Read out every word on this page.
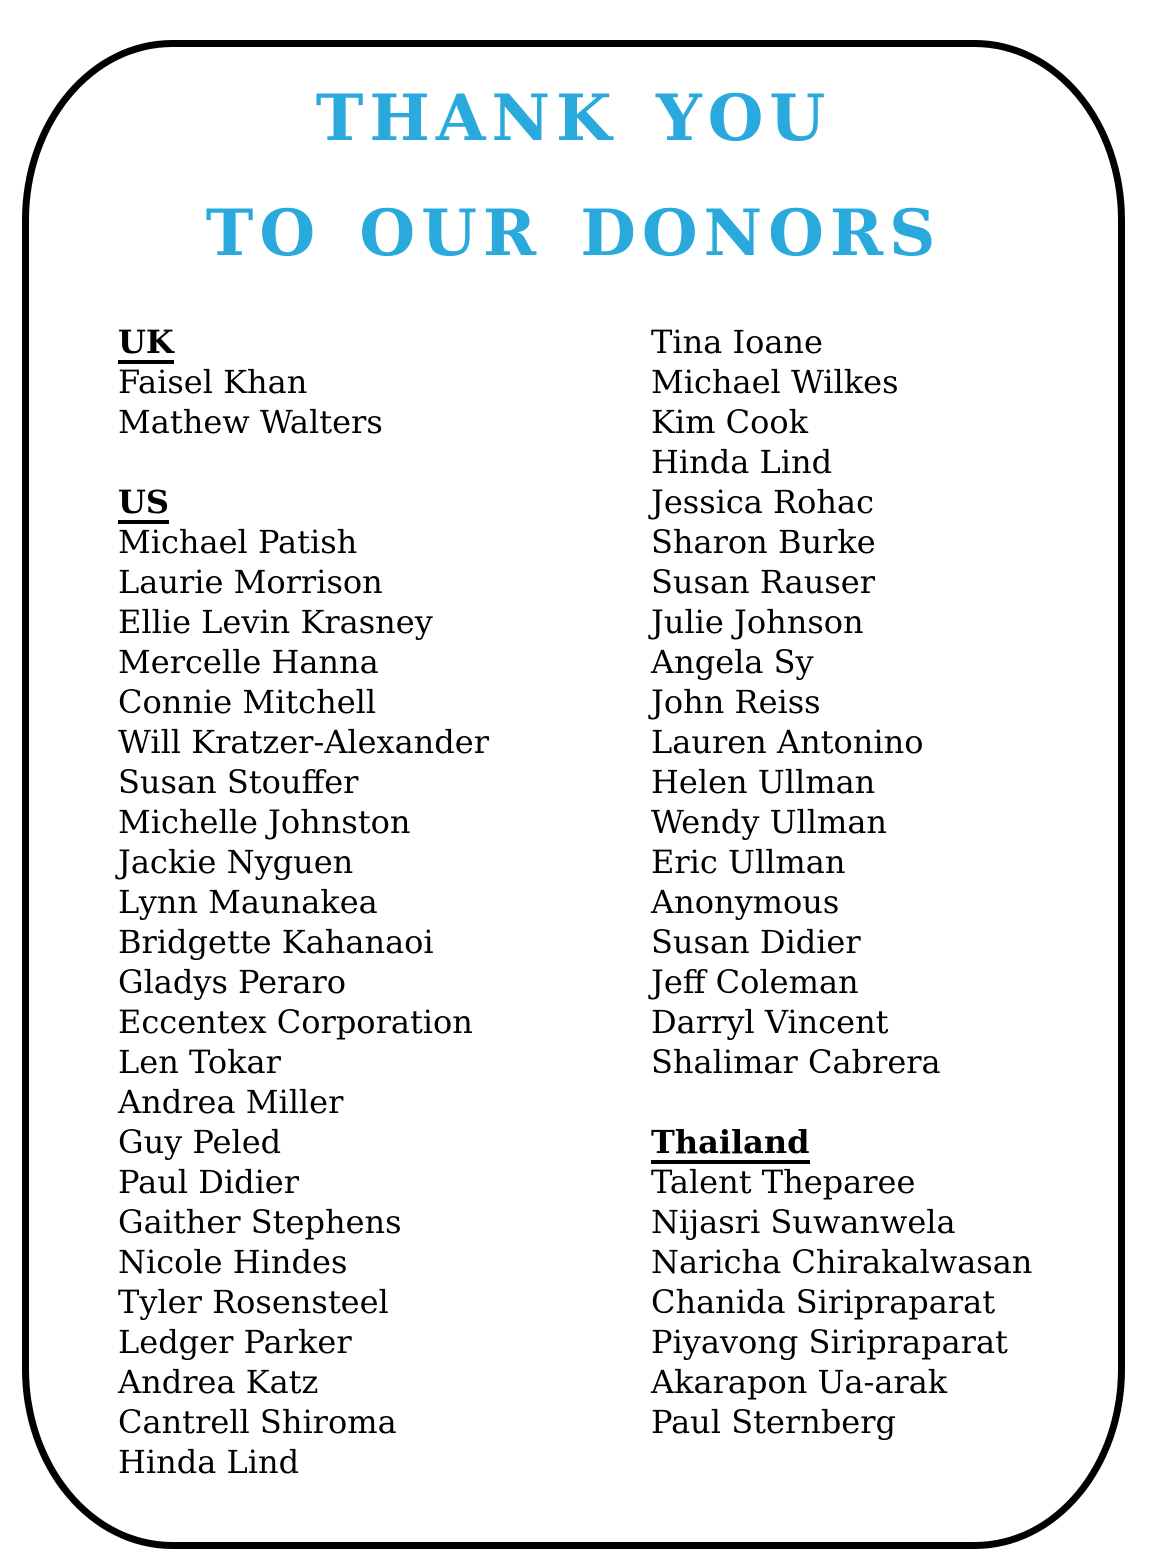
THANK YOU
TO OUR DONORS
UK
Faisel Khan
Mathew Walters
US
Michael Patish
Laurie Morrison
Ellie Levin Krasney
Mercelle Hanna
Connie Mitchell
Will Kratzer-Alexander
Susan Stouffer
Michelle Johnston
Jackie Nyguen
Lynn Maunakea
Bridgette Kahanaoi
Gladys Peraro
Eccentex Corporation
Len Tokar
Andrea Miller
Guy Peled
Paul Didier
Gaither Stephens
Nicole Hindes
Tyler Rosensteel
Ledger Parker
Andrea Katz
Cantrell Shiroma
Hinda Lind
Tina Ioane
Michael Wilkes
Kim Cook
Hinda Lind
Jessica Rohac
Sharon Burke
Susan Rauser
Julie Johnson
Angela Sy
John Reiss
Lauren Antonino
Helen Ullman
Wendy Ullman
Eric Ullman
Anonymous
Susan Didier
Jeff Coleman
Darryl Vincent
Shalimar Cabrera
Thailand
Talent Theparee
Nijasri Suwanwela
Naricha Chirakalwasan
Chanida Siripraparat
Piyavong Siripraparat
Akarapon Ua-arak
Paul Sternberg
